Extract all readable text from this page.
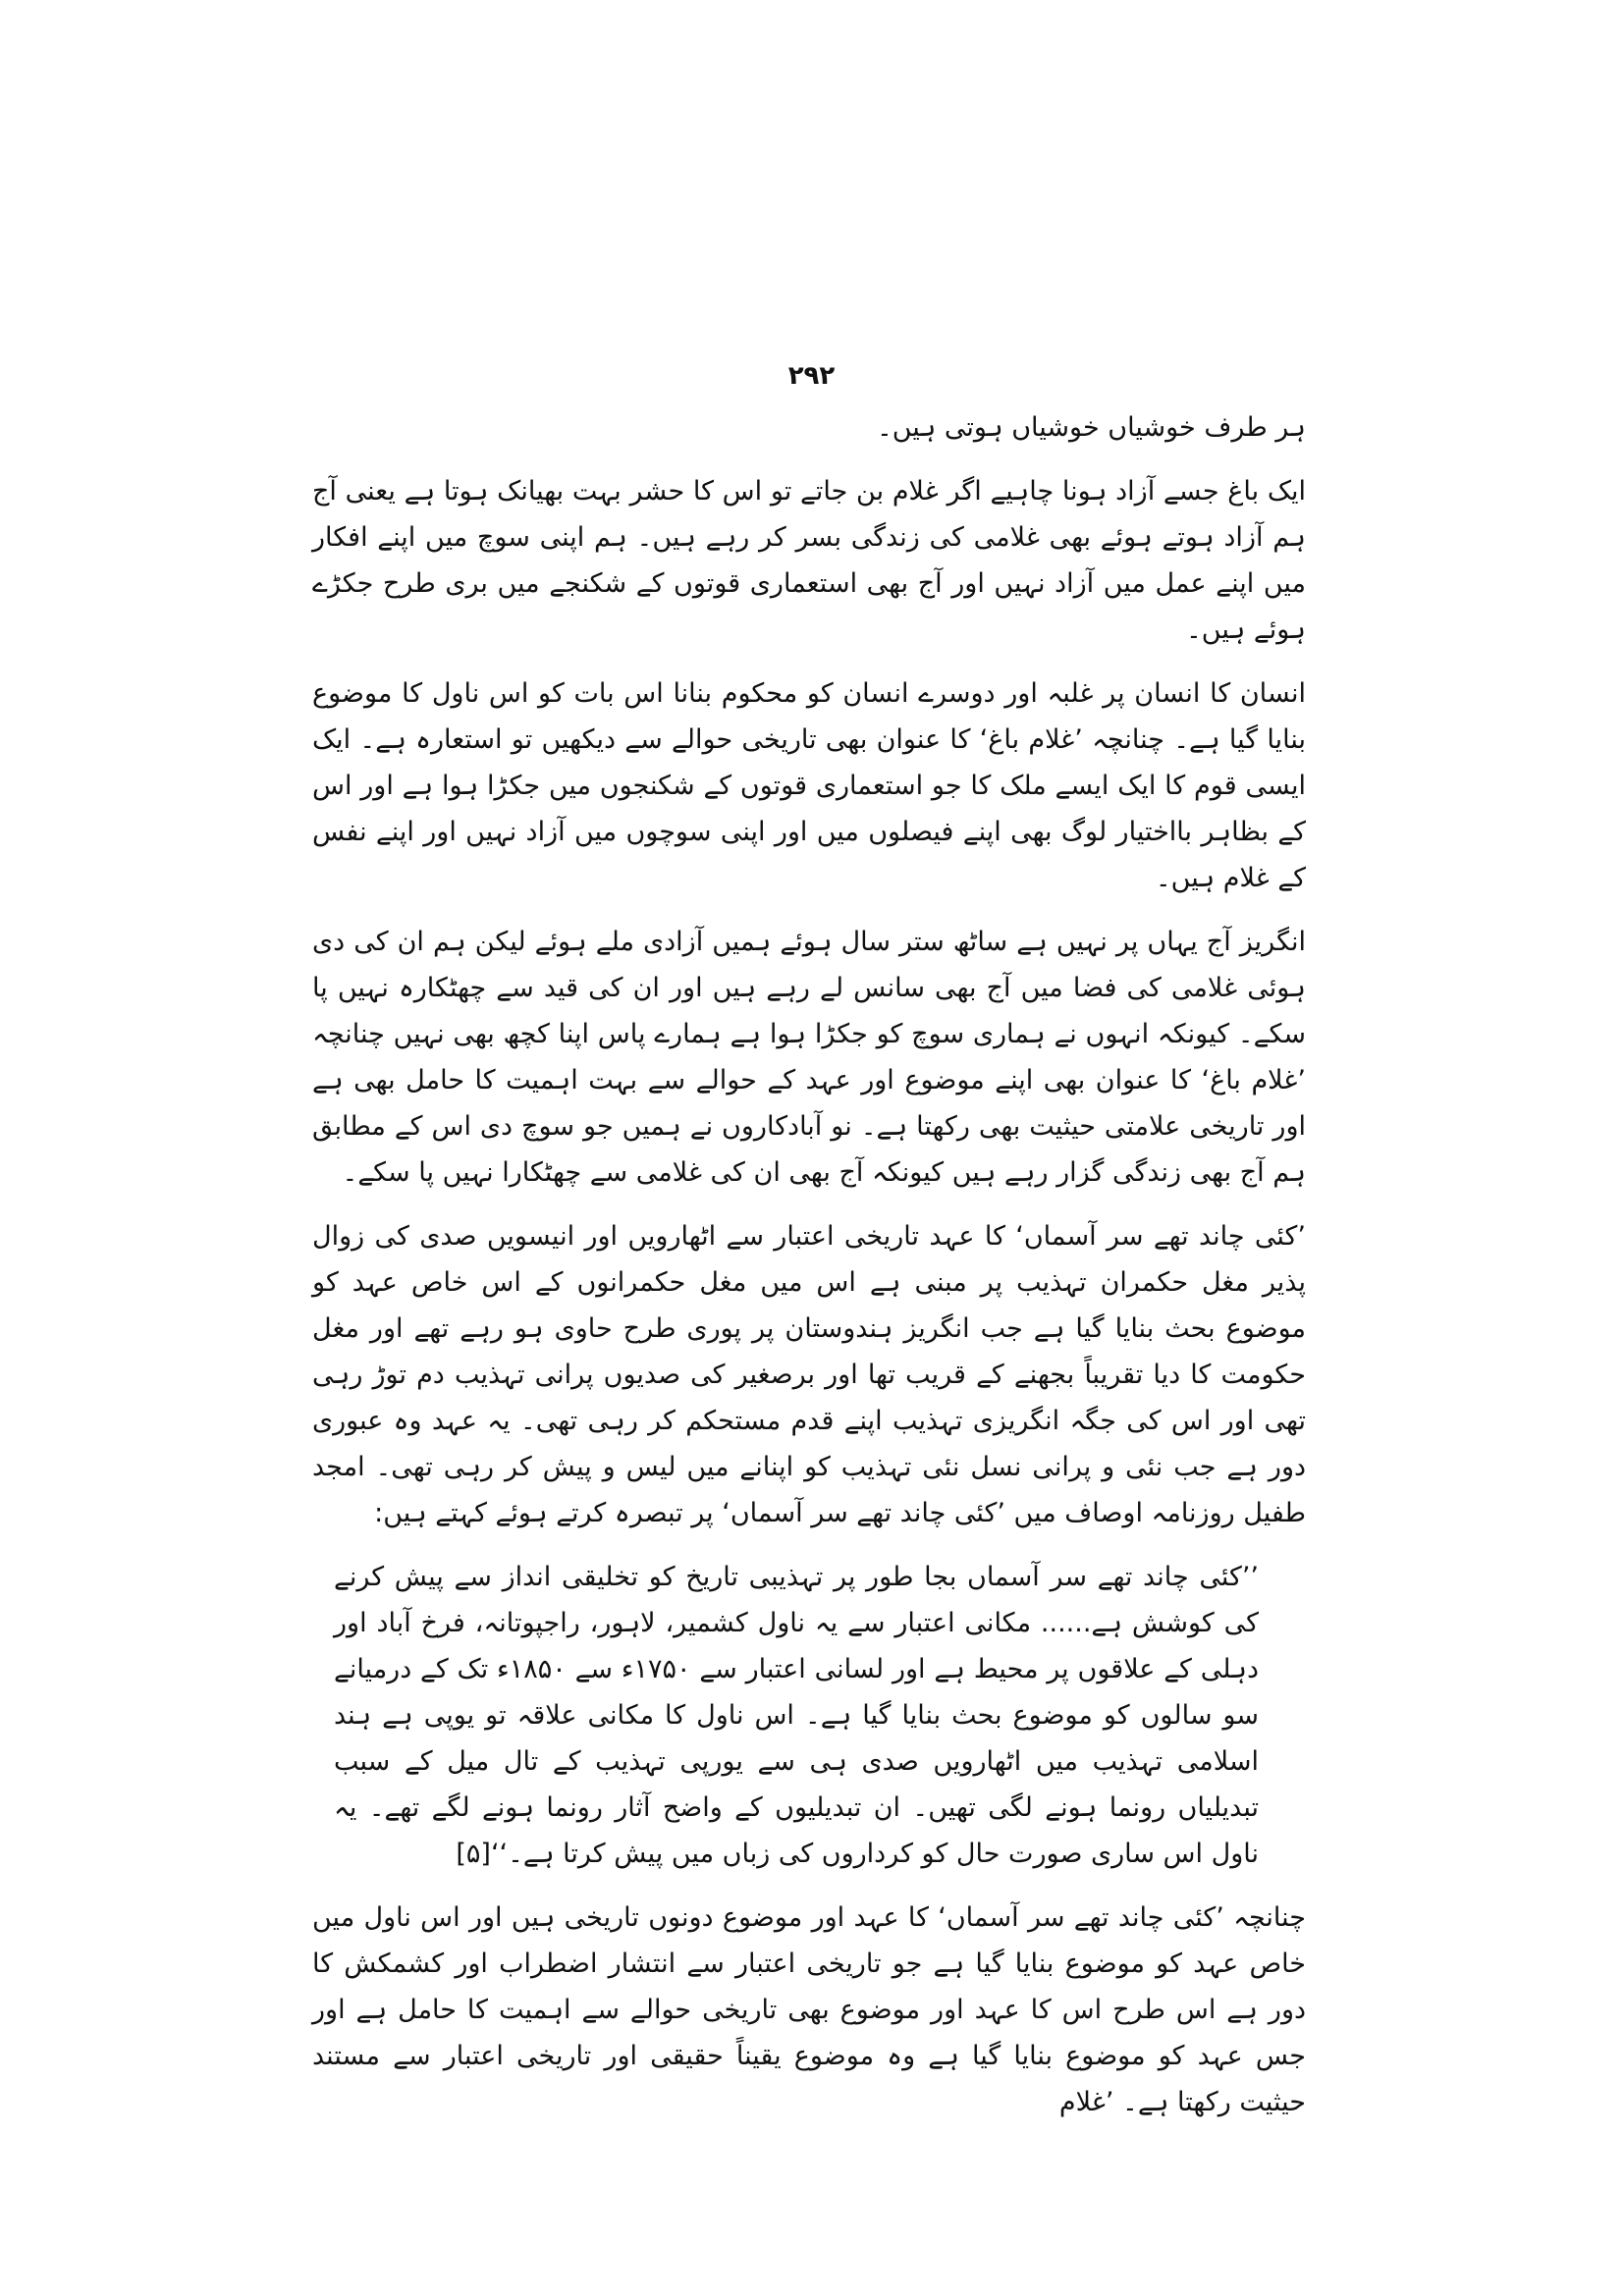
۲۹۲

ہر طرف خوشیاں خوشیاں ہوتی ہیں۔

ایک باغ جسے آزاد ہونا چاہیے اگر غلام بن جاتے تو اس کا حشر بہت بھیانک ہوتا ہے یعنی آج ہم آزاد ہوتے ہوئے بھی غلامی کی زندگی بسر کر رہے ہیں۔ ہم اپنی سوچ میں اپنے افکار میں اپنے عمل میں آزاد نہیں اور آج بھی استعماری قوتوں کے شکنجے میں بری طرح جکڑے ہوئے ہیں۔

انسان کا انسان پر غلبہ اور دوسرے انسان کو محکوم بنانا اس بات کو اس ناول کا موضوع بنایا گیا ہے۔ چنانچہ ’غلام باغ‘ کا عنوان بھی تاریخی حوالے سے دیکھیں تو استعارہ ہے۔ ایک ایسی قوم کا ایک ایسے ملک کا جو استعماری قوتوں کے شکنجوں میں جکڑا ہوا ہے اور اس کے بظاہر بااختیار لوگ بھی اپنے فیصلوں میں اور اپنی سوچوں میں آزاد نہیں اور اپنے نفس کے غلام ہیں۔

انگریز آج یہاں پر نہیں ہے ساٹھ ستر سال ہوئے ہمیں آزادی ملے ہوئے لیکن ہم ان کی دی ہوئی غلامی کی فضا میں آج بھی سانس لے رہے ہیں اور ان کی قید سے چھٹکارہ نہیں پا سکے۔ کیونکہ انہوں نے ہماری سوچ کو جکڑا ہوا ہے ہمارے پاس اپنا کچھ بھی نہیں چنانچہ ’غلام باغ‘ کا عنوان بھی اپنے موضوع اور عہد کے حوالے سے بہت اہمیت کا حامل بھی ہے اور تاریخی علامتی حیثیت بھی رکھتا ہے۔ نو آبادکاروں نے ہمیں جو سوچ دی اس کے مطابق ہم آج بھی زندگی گزار رہے ہیں کیونکہ آج بھی ان کی غلامی سے چھٹکارا نہیں پا سکے۔

’کئی چاند تھے سر آسماں‘ کا عہد تاریخی اعتبار سے اٹھارویں اور انیسویں صدی کی زوال پذیر مغل حکمران تہذیب پر مبنی ہے اس میں مغل حکمرانوں کے اس خاص عہد کو موضوع بحث بنایا گیا ہے جب انگریز ہندوستان پر پوری طرح حاوی ہو رہے تھے اور مغل حکومت کا دیا تقریباً بجھنے کے قریب تھا اور برصغیر کی صدیوں پرانی تہذیب دم توڑ رہی تھی اور اس کی جگہ انگریزی تہذیب اپنے قدم مستحکم کر رہی تھی۔ یہ عہد وہ عبوری دور ہے جب نئی و پرانی نسل نئی تہذیب کو اپنانے میں لیس و پیش کر رہی تھی۔ امجد طفیل روزنامہ اوصاف میں ’کئی چاند تھے سر آسماں‘ پر تبصرہ کرتے ہوئے کہتے ہیں:

’’کئی چاند تھے سر آسماں بجا طور پر تہذیبی تاریخ کو تخلیقی انداز سے پیش کرنے کی کوشش ہے...... مکانی اعتبار سے یہ ناول کشمیر، لاہور، راجپوتانہ، فرخ آباد اور دہلی کے علاقوں پر محیط ہے اور لسانی اعتبار سے ۱۷۵۰ء سے ۱۸۵۰ء تک کے درمیانے سو سالوں کو موضوع بحث بنایا گیا ہے۔ اس ناول کا مکانی علاقہ تو یوپی ہے ہند اسلامی تہذیب میں اٹھارویں صدی ہی سے یورپی تہذیب کے تال میل کے سبب تبدیلیاں رونما ہونے لگی تھیں۔ ان تبدیلیوں کے واضح آثار رونما ہونے لگے تھے۔ یہ ناول اس ساری صورت حال کو کرداروں کی زباں میں پیش کرتا ہے۔‘‘[۵]

چنانچہ ’کئی چاند تھے سر آسماں‘ کا عہد اور موضوع دونوں تاریخی ہیں اور اس ناول میں خاص عہد کو موضوع بنایا گیا ہے جو تاریخی اعتبار سے انتشار اضطراب اور کشمکش کا دور ہے اس طرح اس کا عہد اور موضوع بھی تاریخی حوالے سے اہمیت کا حامل ہے اور جس عہد کو موضوع بنایا گیا ہے وہ موضوع یقیناً حقیقی اور تاریخی اعتبار سے مستند حیثیت رکھتا ہے۔ ’غلام
